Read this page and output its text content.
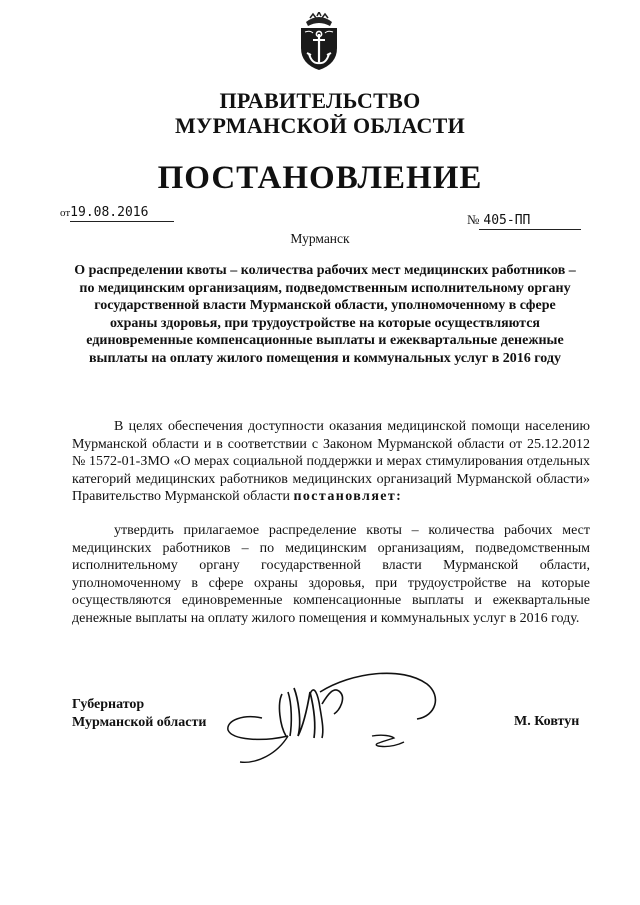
ПРАВИТЕЛЬСТВО
МУРМАНСКОЙ ОБЛАСТИ
ПОСТАНОВЛЕНИЕ
от19.08.2016	№ 405-ПП
Мурманск
О распределении квоты – количества рабочих мест медицинских работников – по медицинским организациям, подведомственным исполнительному органу государственной власти Мурманской области, уполномоченному в сфере охраны здоровья, при трудоустройстве на которые осуществляются единовременные компенсационные выплаты и ежеквартальные денежные выплаты на оплату жилого помещения и коммунальных услуг в 2016 году
В целях обеспечения доступности оказания медицинской помощи населению Мурманской области и в соответствии с Законом Мурманской области от 25.12.2012 № 1572-01-ЗМО «О мерах социальной поддержки и мерах стимулирования отдельных категорий медицинских работников медицинских организаций Мурманской области» Правительство Мурманской области постановляет:
утвердить прилагаемое распределение квоты – количества рабочих мест медицинских работников – по медицинским организациям, подведомственным исполнительному органу государственной власти Мурманской области, уполномоченному в сфере охраны здоровья, при трудоустройстве на которые осуществляются единовременные компенсационные выплаты и ежеквартальные денежные выплаты на оплату жилого помещения и коммунальных услуг в 2016 году.
Губернатор
Мурманской области	М. Ковтун
